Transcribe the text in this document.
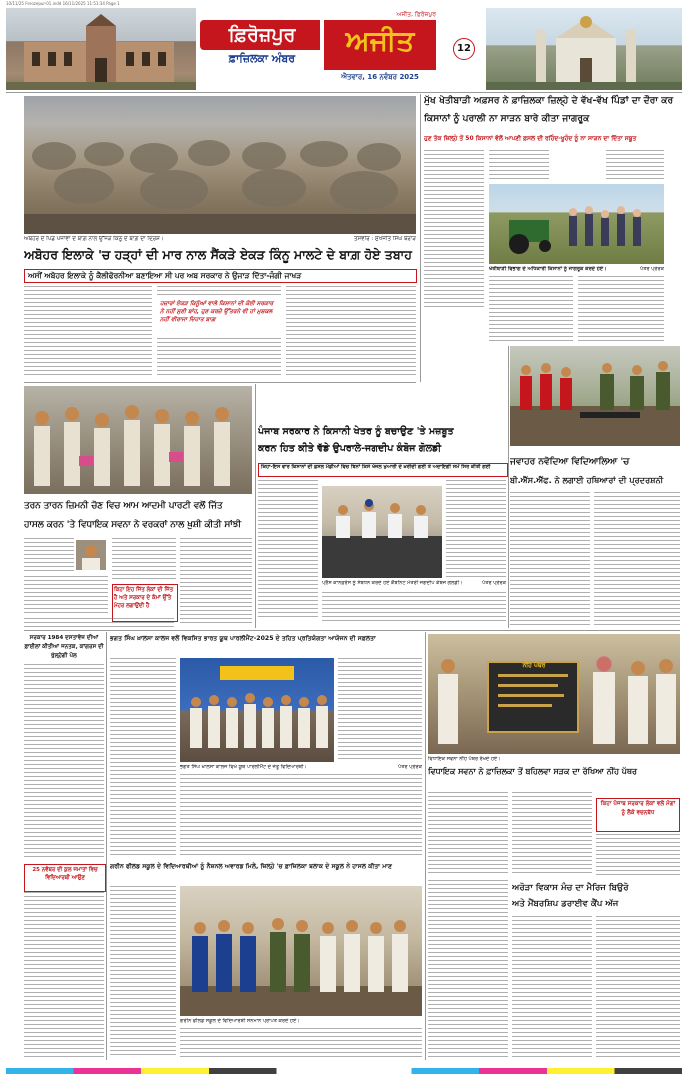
10/11/25 Ferozepur-01.indd 16/11/2025 11:51:34 Page 1
ਫ਼ਿਰੋਜ਼ਪੁਰ	ਅਜੀਤ
ਅਜੀਤ, ਫ਼ਿਰੋਜ਼ਪੁਰ
ਫ਼ਾਜ਼ਿਲਕਾ ਅੰਬਰ
ਐਤਵਾਰ, 16 ਨਵੰਬਰ 2025
12
ਅਬੋਹਰ ਦੇ ਪਿੰਡ ਪੰਜਾਵਾ ਦੇ ਬਾਗ਼ ਨਾਲ ਉੱਜੜੇ ਕਿਨੂੰ ਦੇ ਬਾਗ਼ ਦਾ ਦ੍ਰਿਸ਼।	ਤਸਵੀਰ : ਸੁਖਜੀਤ ਸਿੰਘ ਬਰਾੜ
ਅਬੋਹਰ ਇਲਾਕੇ 'ਚ ਹੜ੍ਹਾਂ ਦੀ ਮਾਰ ਨਾਲ ਸੈਂਕੜੇ ਏਕੜ ਕਿੰਨੂ ਮਾਲਟੇ ਦੇ ਬਾਗ਼ ਹੋਏ ਤਬਾਹ
ਅਸੀਂ ਅਬੋਹਰ ਇਲਾਕੇ ਨੂੰ ਕੈਲੀਫੋਰਨੀਆ ਬਣਾਇਆ ਸੀ ਪਰ ਅਬ ਸਰਕਾਰ ਨੇ ਉਜਾੜ ਦਿੱਤਾ-ਜੰਗੀ ਜਾਖੜ
ਹਜ਼ਾਰਾਂ ਏਕੜ ਕਿਨੂੰਆਂ ਵਾਲੇ ਕਿਸਾਨਾਂ ਦੀ ਕੋਈ ਸਰਕਾਰ ਨੇ ਨਹੀਂ ਸੁਣੀ ਬਾਂਹ, ਹੁਣ ਕਰਜ਼ੇ ਉੱਤਰਨੇ ਵੀ ਹਾਂ ਮੁਸ਼ਕਲ ਨਹੀਂ ਵੀਰਾਜਾ ਦਿਹਾਤ ਬਾਗ਼
ਮੁੱਖ ਖੇਤੀਬਾੜੀ ਅਫ਼ਸਰ ਨੇ ਫ਼ਾਜ਼ਿਲਕਾ ਜ਼ਿਲ੍ਹੇ ਦੇ ਵੱਖ-ਵੱਖ ਪਿੰਡਾਂ ਦਾ ਦੌਰਾ ਕਰ ਕਿਸਾਨਾਂ ਨੂੰ ਪਰਾਲੀ ਨਾ ਸਾੜਨ ਬਾਰੇ ਕੀਤਾ ਜਾਗਰੂਕ
ਹੁਣ ਤੱਕ ਜ਼ਿਲ੍ਹੇ ਤੋਂ 50 ਕਿਸਾਨਾਂ ਵੱਲੋਂ ਆਪਣੀ ਫ਼ਸਲ ਦੀ ਰਹਿੰਦ-ਖੂਹੰਦ ਨੂੰ ਨਾ ਸਾੜਨ ਦਾ ਦਿੱਤਾ ਸਬੂਤ
ਖੇਤੀਬਾੜੀ ਵਿਭਾਗ ਦੇ ਅਧਿਕਾਰੀ ਕਿਸਾਨਾਂ ਨੂੰ ਜਾਗਰੂਕ ਕਰਦੇ ਹੋਏ।	ਪੱਤਰ ਪ੍ਰੇਰਕ
ਤਰਨ ਤਾਰਨ ਜ਼ਿਮਨੀ ਚੋਣ ਵਿਚ ਆਮ ਆਦਮੀ ਪਾਰਟੀ ਵਲੋਂ ਜਿੱਤ
ਹਾਸਲ ਕਰਨ 'ਤੇ ਵਿਧਾਇਕ ਸਵਨਾ ਨੇ ਵਰਕਰਾਂ ਨਾਲ ਖ਼ੁਸ਼ੀ ਕੀਤੀ ਸਾਂਝੀ
ਕਿਹਾ ਇਹ ਜਿੱਤ ਲੋਕਾਂ ਦੀ ਜਿੱਤ ਹੈ ਅਤੇ ਸਰਕਾਰ ਦੇ ਕੰਮਾਂ ਉੱਤੇ ਮੋਹਰ ਲਗਾਉਂਦੀ ਹੈ
ਪੰਜਾਬ ਸਰਕਾਰ ਨੇ ਕਿਸਾਨੀ ਖੇਤਰ ਨੂੰ ਬਚਾਉਣ 'ਤੇ ਮਜ਼ਬੂਤ
ਕਰਨ ਹਿਤ ਕੀਤੇ ਵੱਡੇ ਉਪਰਾਲੇ-ਜਗਦੀਪ ਕੰਬੋਜ ਗੋਲਡੀ
ਕਿਹਾ-ਇਸ ਵਾਰ ਕਿਸਾਨਾਂ ਦੀ ਫ਼ਸਲ ਮੰਡੀਆਂ ਵਿਚ ਬਿਨਾਂ ਕਿਸੇ ਖੱਜਲ ਖੁਆਰੀ ਦੇ ਖ਼ਰੀਦੀ ਗਈ ਤੇ ਅਦਾਇਗੀ ਸਮੇਂ ਸਿਰ ਕੀਤੀ ਗਈ
ਪ੍ਰੈੱਸ ਕਾਨਫ਼ਰੰਸ ਨੂੰ ਸੰਬੋਧਨ ਕਰਦੇ ਹੋਏ ਕੈਬਨਿਟ ਮੰਤਰੀ ਜਗਦੀਪ ਕੰਬੋਜ ਗੋਲਡੀ।	ਪੱਤਰ ਪ੍ਰੇਰਕ
ਜਵਾਹਰ ਨਵੋਦਿਆ ਵਿਦਿਆਲਿਆ 'ਚ
ਬੀ.ਐੱਸ.ਐੱਫ. ਨੇ ਲਗਾਈ ਹਥਿਆਰਾਂ ਦੀ ਪ੍ਰਦਰਸ਼ਨੀ
ਸਰਕਾਰ 1984 ਦਸਤਾਵੇਜ਼ ਦੀਆਂ ਫ਼ਾਈਲਾਂ ਕੀਤੀਆਂ ਜਨਤਕ, ਕਾਂਗਰਸ ਦੀ ਖੁੱਲ੍ਹੇਗੀ ਪੋਲ
ਭਗਤ ਸਿੰਘ ਖ਼ਾਲਸਾ ਕਾਲਜ ਵਲੋਂ ਵਿਕਸਿਤ ਭਾਰਤ ਯੂਥ ਪਾਰਲੀਮੈਂਟ-2025 ਦੇ ਤਹਿਤ ਪ੍ਰਤਿਯੋਗਤਾ ਆਯੋਜਨ ਦੀ ਸਫ਼ਲਤਾ
ਭਗਤ ਸਿੰਘ ਖ਼ਾਲਸਾ ਕਾਲਜ ਵਿਖੇ ਯੂਥ ਪਾਰਲੀਮੈਂਟ ਦੇ ਜੇਤੂ ਵਿਦਿਆਰਥੀ।	ਪੱਤਰ ਪ੍ਰੇਰਕ
ਨੀਂਹ ਪੱਥਰ
ਵਿਧਾਇਕ ਸਵਨਾ ਨੀਂਹ ਪੱਥਰ ਰੱਖਦੇ ਹੋਏ।
ਵਿਧਾਇਕ ਸਵਨਾ ਨੇ ਫ਼ਾਜ਼ਿਲਕਾ ਤੋਂ ਬਹਿਲਵਾ ਸੜਕ ਦਾ ਰੱਖਿਆ ਨੀਂਹ ਪੱਥਰ
ਕਿਹਾ ਪੰਜਾਬ ਸਰਕਾਰ ਲੋਕਾਂ ਵਲੋਂ ਮੰਗਾਂ ਨੂੰ ਲੈਕੇ ਵਚਨਬੱਧ
ਗਰੀਨ ਫੀਲਡ ਸਕੂਲ ਦੇ ਵਿਦਿਆਰਥੀਆਂ ਨੂੰ ਨੈਸ਼ਨਲ ਅਵਾਰਡ ਮਿਲੇ, ਜ਼ਿਲ੍ਹੇ 'ਚ ਫ਼ਾਜ਼ਿਲਕਾ ਬਲਾਕ ਦੇ ਸਕੂਲ ਨੇ ਹਾਸਲ ਕੀਤਾ ਮਾਣ
25 ਨਵੰਬਰ ਦੀ ਕੁਲ ਜਮਾਤਾਂ ਵਿਚ ਵਿਦਿਆਰਥੀ ਆਉਣ
ਗਰੀਨ ਫੀਲਡ ਸਕੂਲ ਦੇ ਵਿਦਿਆਰਥੀ ਸਨਮਾਨ ਪ੍ਰਾਪਤ ਕਰਦੇ ਹੋਏ।
ਅਰੋੜਾ ਵਿਕਾਸ ਮੰਚ ਦਾ ਮੈਰਿਜ ਬਿਉਰੋ
ਅਤੇ ਮੈਂਬਰਸ਼ਿਪ ਡਰਾਈਵ ਕੈਂਪ ਅੱਜ
